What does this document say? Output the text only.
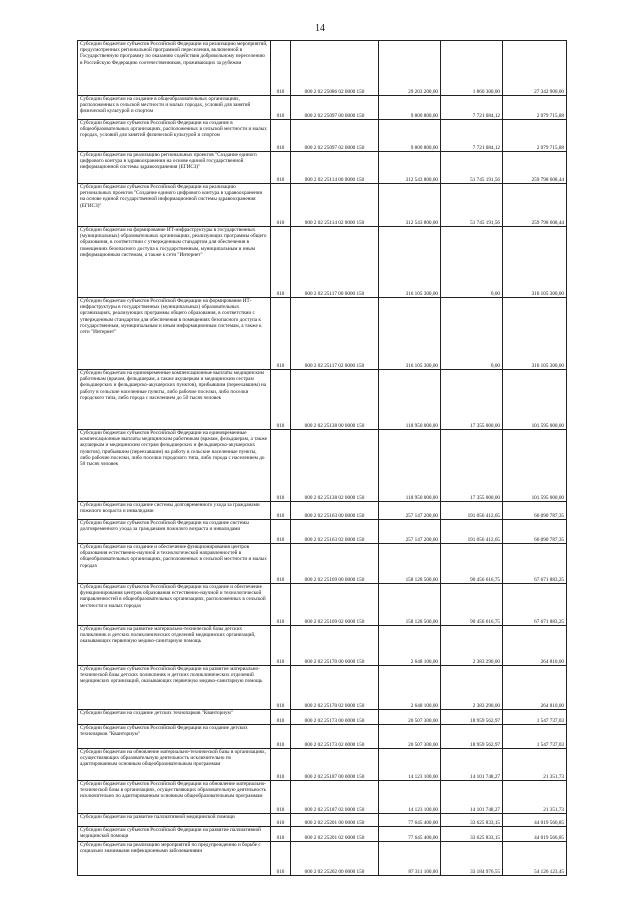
14
Субсидии бюджетам субъектов Российской Федерации на реализацию мероприятий, предусмотренных региональной программой переселения, включенной в Государственную программу по оказанию содействия добровольному переселению в Российскую Федерацию соотечественников, проживающих за рубежом	010	000 2 02 25086 02 0000 150	29 203 200,00	1 860 300,00	27 342 900,00
Субсидии бюджетам на создание в общеобразовательных организациях, расположенных в сельской местности и малых городах, условий для занятий физической культурой и спортом	010	000 2 02 25097 00 0000 150	9 800 800,00	7 721 084,12	2 079 715,88
Субсидии бюджетам субъектов Российской Федерации на создание в общеобразовательных организациях, расположенных в сельской местности и малых городах, условий для занятий физической культурой и спортом	010	000 2 02 25097 02 0000 150	9 800 800,00	7 721 084,12	2 079 715,88
Субсидии бюджетам на реализацию региональных проектов "Создание единого цифрового контура в здравоохранении на основе единой государственной информационной системы здравоохранения (ЕГИСЗ)"	010	000 2 02 25114 00 0000 150	312 543 800,00	51 745 191,56	259 798 608,44
Субсидии бюджетам субъектов Российской Федерации на реализацию региональных проектов "Создание единого цифрового контура в здравоохранении на основе единой государственной информационной системы здравоохранения (ЕГИСЗ)"	010	000 2 02 25114 02 0000 150	312 543 800,00	51 745 191,56	259 798 608,44
Субсидии бюджетам на формирование ИТ-инфраструктуры в государственных (муниципальных) образовательных организациях, реализующих программы общего образования, в соответствии с утвержденным стандартом для обеспечения в помещениях безопасного доступа к государственным, муниципальным и иным информационным системам, а также к сети "Интернет"	010	000 2 02 25117 00 0000 150	316 105 300,00	0,00	316 105 300,00
Субсидии бюджетам субъектов Российской Федерации на формирование ИТ-инфраструктуры в государственных (муниципальных) образовательных организациях, реализующих программы общего образования, в соответствии с утвержденным стандартом для обеспечения в помещениях безопасного доступа к государственным, муниципальным и иным информационным системам, а также к сети "Интернет"	010	000 2 02 25117 02 0000 150	316 105 300,00	0,00	316 105 300,00
Субсидии бюджетам на единовременные компенсационные выплаты медицинским работникам (врачам, фельдшерам, а также акушеркам и медицинским сестрам фельдшерских и фельдшерско-акушерских пунктов), прибывшим (переехавшим) на работу в сельские населенные пункты, либо рабочие поселки, либо поселки городского типа, либо города с населением до 50 тысяч человек	010	000 2 02 25138 00 0000 150	118 950 000,00	17 355 000,00	101 595 000,00
Субсидии бюджетам субъектов Российской Федерации на единовременные компенсационные выплаты медицинским работникам (врачам, фельдшерам, а также акушеркам и медицинским сестрам фельдшерских и фельдшерско-акушерских пунктов), прибывшим (переехавшим) на работу в сельские населенные пункты, либо рабочие поселки, либо поселки городского типа, либо города с населением до 50 тысяч человек	010	000 2 02 25138 02 0000 150	118 950 000,00	17 355 000,00	101 595 000,00
Субсидии бюджетам на создание системы долговременного ухода за гражданами пожилого возраста и инвалидами	010	000 2 02 25163 00 0000 150	257 147 200,00	191 056 412,65	66 090 787,35
Субсидии бюджетам субъектов Российской Федерации на создание системы долговременного ухода за гражданами пожилого возраста и инвалидами	010	000 2 02 25163 02 0000 150	257 147 200,00	191 056 412,65	66 090 787,35
Субсидии бюджетам на создание и обеспечение функционирования центров образования естественно-научной и технологической направленностей в общеобразовательных организациях, расположенных в сельской местности и малых городах	010	000 2 02 25169 00 0000 150	158 128 500,00	90 456 616,75	67 671 883,25
Субсидии бюджетам субъектов Российской Федерации на создание и обеспечение функционирования центров образования естественно-научной и технологической направленностей в общеобразовательных организациях, расположенных в сельской местности и малых городах	010	000 2 02 25169 02 0000 150	158 128 500,00	90 456 616,75	67 671 883,25
Субсидии бюджетам на развитие материально-технической базы детских поликлиник и детских поликлинических отделений медицинских организаций, оказывающих первичную медико-санитарную помощь	010	000 2 02 25170 00 0000 150	2 648 100,00	2 383 290,00	264 810,00
Субсидии бюджетам субъектов Российской Федерации на развитие материально-технической базы детских поликлиник и детских поликлинических отделений медицинских организаций, оказывающих первичную медико-санитарную помощь	010	000 2 02 25170 02 0000 150	2 648 100,00	2 383 290,00	264 810,00
Субсидии бюджетам на создание детских технопарков "Кванториум"	010	000 2 02 25173 00 0000 150	20 507 300,00	18 959 562,97	1 547 737,03
Субсидии бюджетам субъектов Российской Федерации на создание детских технопарков "Кванториум"	010	000 2 02 25173 02 0000 150	20 507 300,00	18 959 562,97	1 547 737,03
Субсидии бюджетам на обновление материально-технической базы в организациях, осуществляющих образовательную деятельность исключительно по адаптированным основным общеобразовательным программам	010	000 2 02 25187 00 0000 150	14 123 100,00	14 101 748,27	21 351,73
Субсидии бюджетам субъектов Российской Федерации на обновление материально-технической базы в организациях, осуществляющих образовательную деятельность исключительно по адаптированным основным общеобразовательным программам	010	000 2 02 25187 02 0000 150	14 123 100,00	14 101 748,27	21 351,73
Субсидии бюджетам на развитие паллиативной медицинской помощи	010	000 2 02 25201 00 0000 150	77 645 400,00	33 625 833,15	44 019 566,85
Субсидии бюджетам субъектов Российской Федерации на развитие паллиативной медицинской помощи	010	000 2 02 25201 02 0000 150	77 645 400,00	33 625 833,15	44 019 566,85
Субсидии бюджетам на реализацию мероприятий по предупреждению и борьбе с социально значимыми инфекционными заболеваниями	010	000 2 02 25202 00 0000 150	87 311 100,00	33 184 976,55	54 126 123,45
